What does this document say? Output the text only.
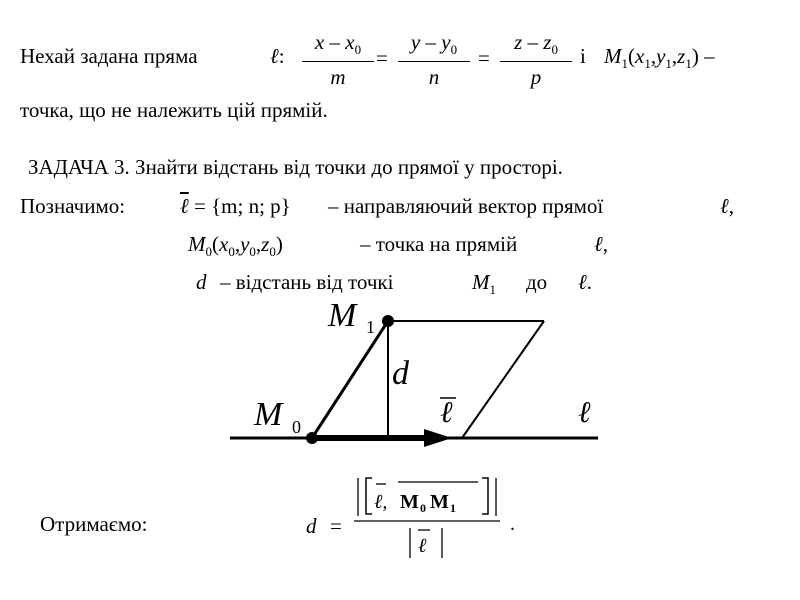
Нехай задана пряма	ℓ:
x – $x_0$
m
=
y – $y_0$
n
=
z – $z_0$
p
і $M_1(x_1,y_1,z_1)$ –
точка, що не належить цій прямій.
ЗАДАЧА 3. Знайти відстань від точки до прямої у просторі.
Позначимо:	ℓ = {m; n; p} – направляючий вектор прямої	ℓ,
$M_0(x_0,y_0,z_0)$	– точка на прямій	ℓ,
d – відстань від точкі	$M_1$ до ℓ.
M 1
M 0
d
ℓ	ℓ
Отримаємо:	d =
ℓ, M 0 M 1
ℓ
.
